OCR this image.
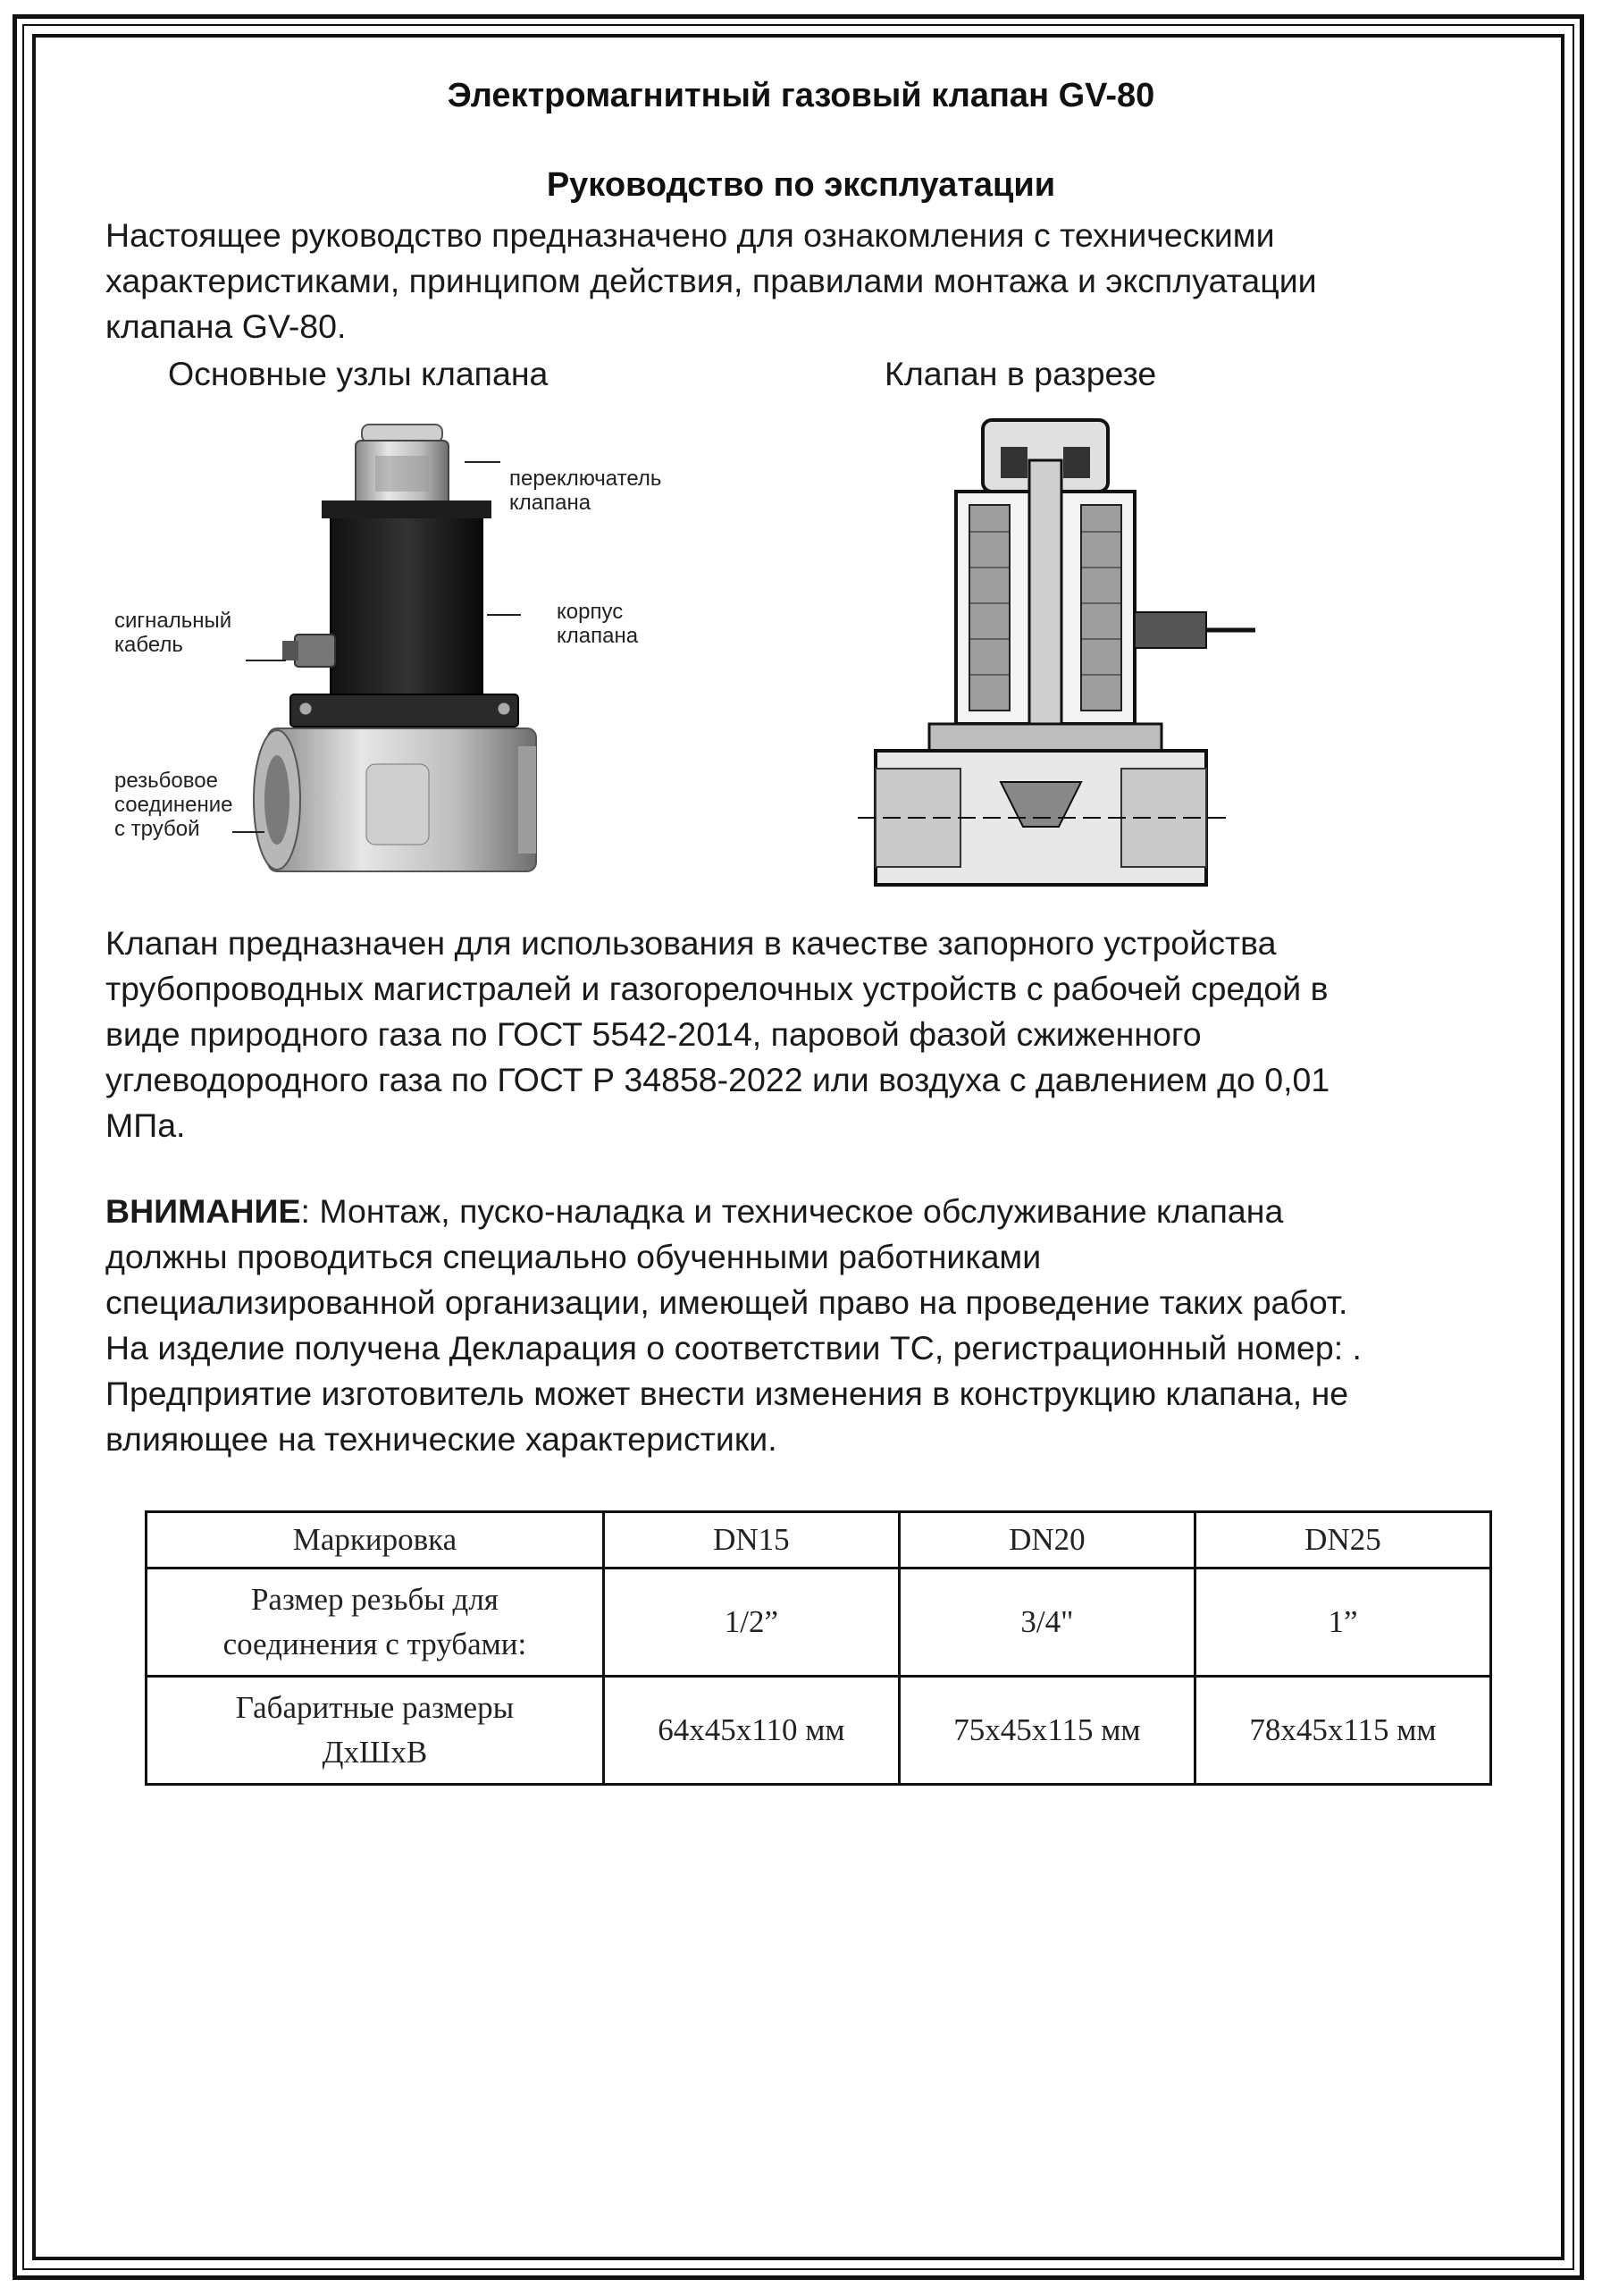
Электромагнитный газовый клапан GV-80
Руководство по эксплуатации

Настоящее руководство предназначено для ознакомления с техническими
характеристиками, принципом действия, правилами монтажа и эксплуатации
клапана GV-80.

Основные узлы клапана	Клапан в разрезе

переключатель
клапана

сигнальный
кабель

корпус
клапана

резьбовое
соединение
с трубой

Клапан предназначен для использования в качестве запорного устройства
трубопроводных магистралей и газогорелочных устройств с рабочей средой в
виде природного газа по ГОСТ 5542-2014, паровой фазой сжиженного
углеводородного газа по ГОСТ Р 34858-2022 или воздуха с давлением до 0,01
МПа.

ВНИМАНИЕ: Монтаж, пуско-наладка и техническое обслуживание клапана
должны проводиться специально обученными работниками
специализированной организации, имеющей право на проведение таких работ.
На изделие получена Декларация о соответствии ТС, регистрационный номер: .
Предприятие изготовитель может внести изменения в конструкцию клапана, не
влияющее на технические характеристики.

Маркировка	DN15	DN20	DN25
Размер резьбы для
соединения с трубами:	1/2”	3/4"	1”
Габаритные размеры
ДхШхВ	64х45х110 мм	75х45х115 мм	78х45х115 мм
